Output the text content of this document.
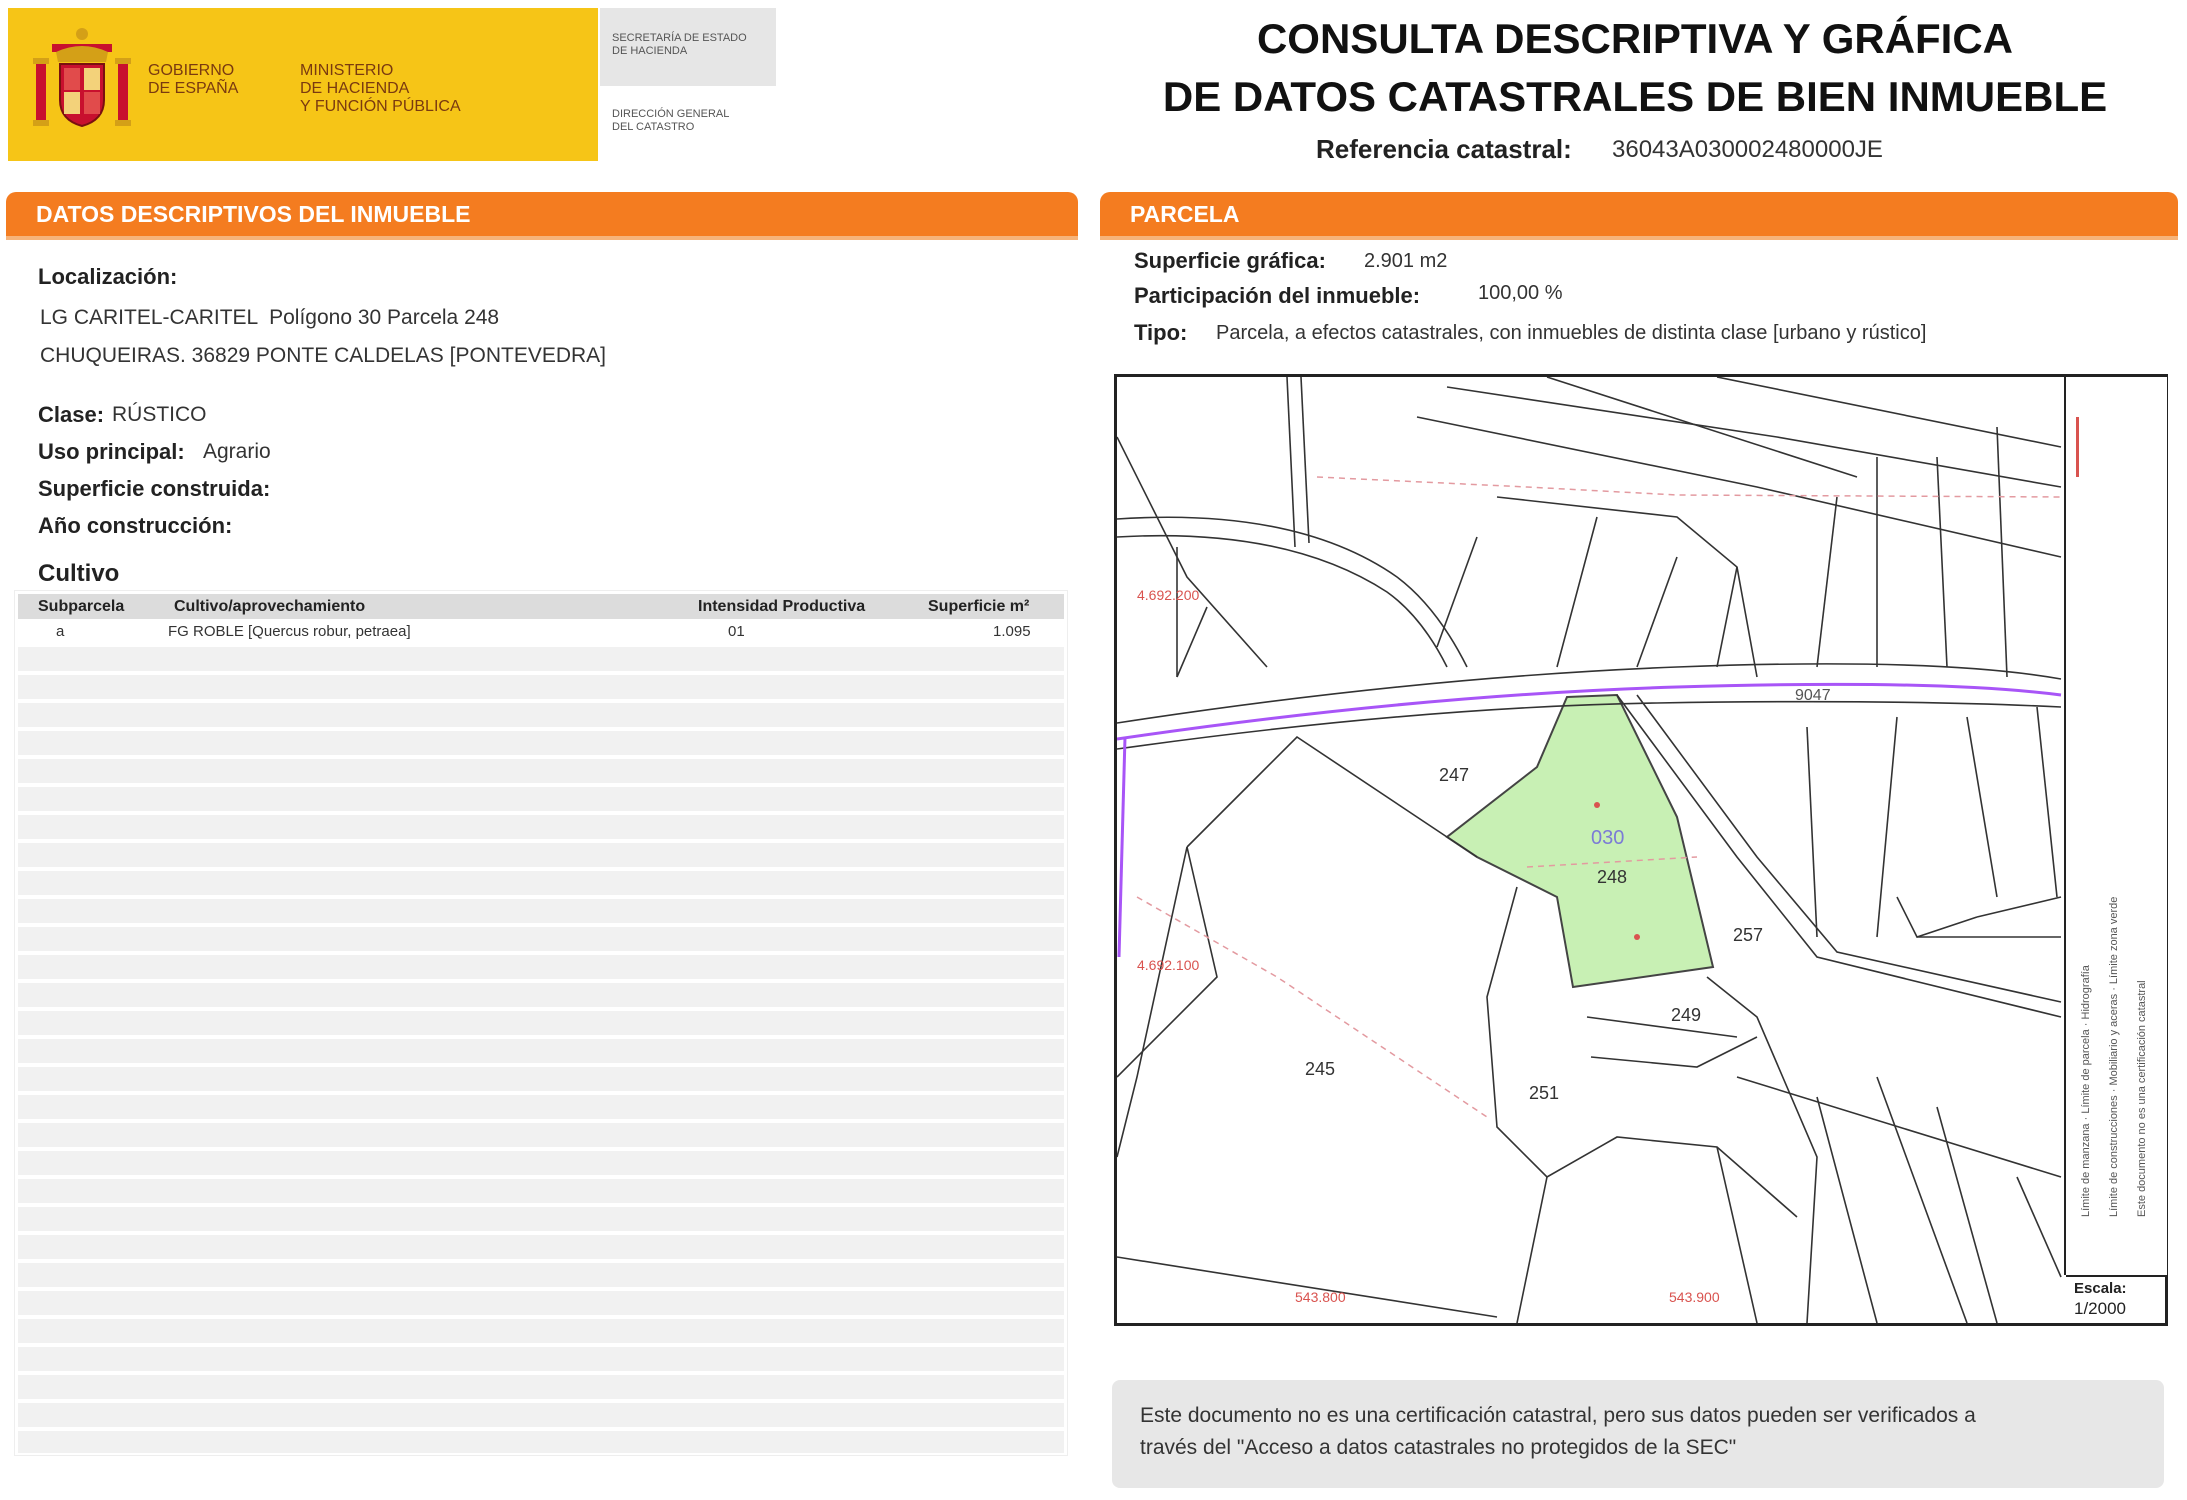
GOBIERNO
DE ESPAÑA
MINISTERIO
DE HACIENDA
Y FUNCIÓN PÚBLICA
SECRETARÍA DE ESTADO
DE HACIENDA
DIRECCIÓN GENERAL
DEL CATASTRO
CONSULTA DESCRIPTIVA Y GRÁFICA
DE DATOS CATASTRALES DE BIEN INMUEBLE
Referencia catastral: 36043A030002480000JE
DATOS DESCRIPTIVOS DEL INMUEBLE
Localización:
LG CARITEL-CARITEL  Polígono 30 Parcela 248
CHUQUEIRAS. 36829 PONTE CALDELAS [PONTEVEDRA]
Clase: RÚSTICO
Uso principal: Agrario
Superficie construida:
Año construcción:
Cultivo
Subparcela	Cultivo/aprovechamiento	Intensidad Productiva	Superficie m²
a	FG ROBLE [Quercus robur, petraea]	01	1.095
PARCELA
Superficie gráfica: 2.901 m2
Participación del inmueble:	100,00 %
Tipo: Parcela, a efectos catastrales, con inmuebles de distinta clase [urbano y rústico]
247
248
257
249
245
251
030
9047
4.692.200
4.692.100
543.800	543.900
Límite de manzana · Límite de parcela · Hidrografía
Límite de construcciones · Mobiliario y aceras · Límite zona verde
Este documento no es una certificación catastral
Escala:
1/2000
Este documento no es una certificación catastral, pero sus datos pueden ser verificados a
través del "Acceso a datos catastrales no protegidos de la SEC"
